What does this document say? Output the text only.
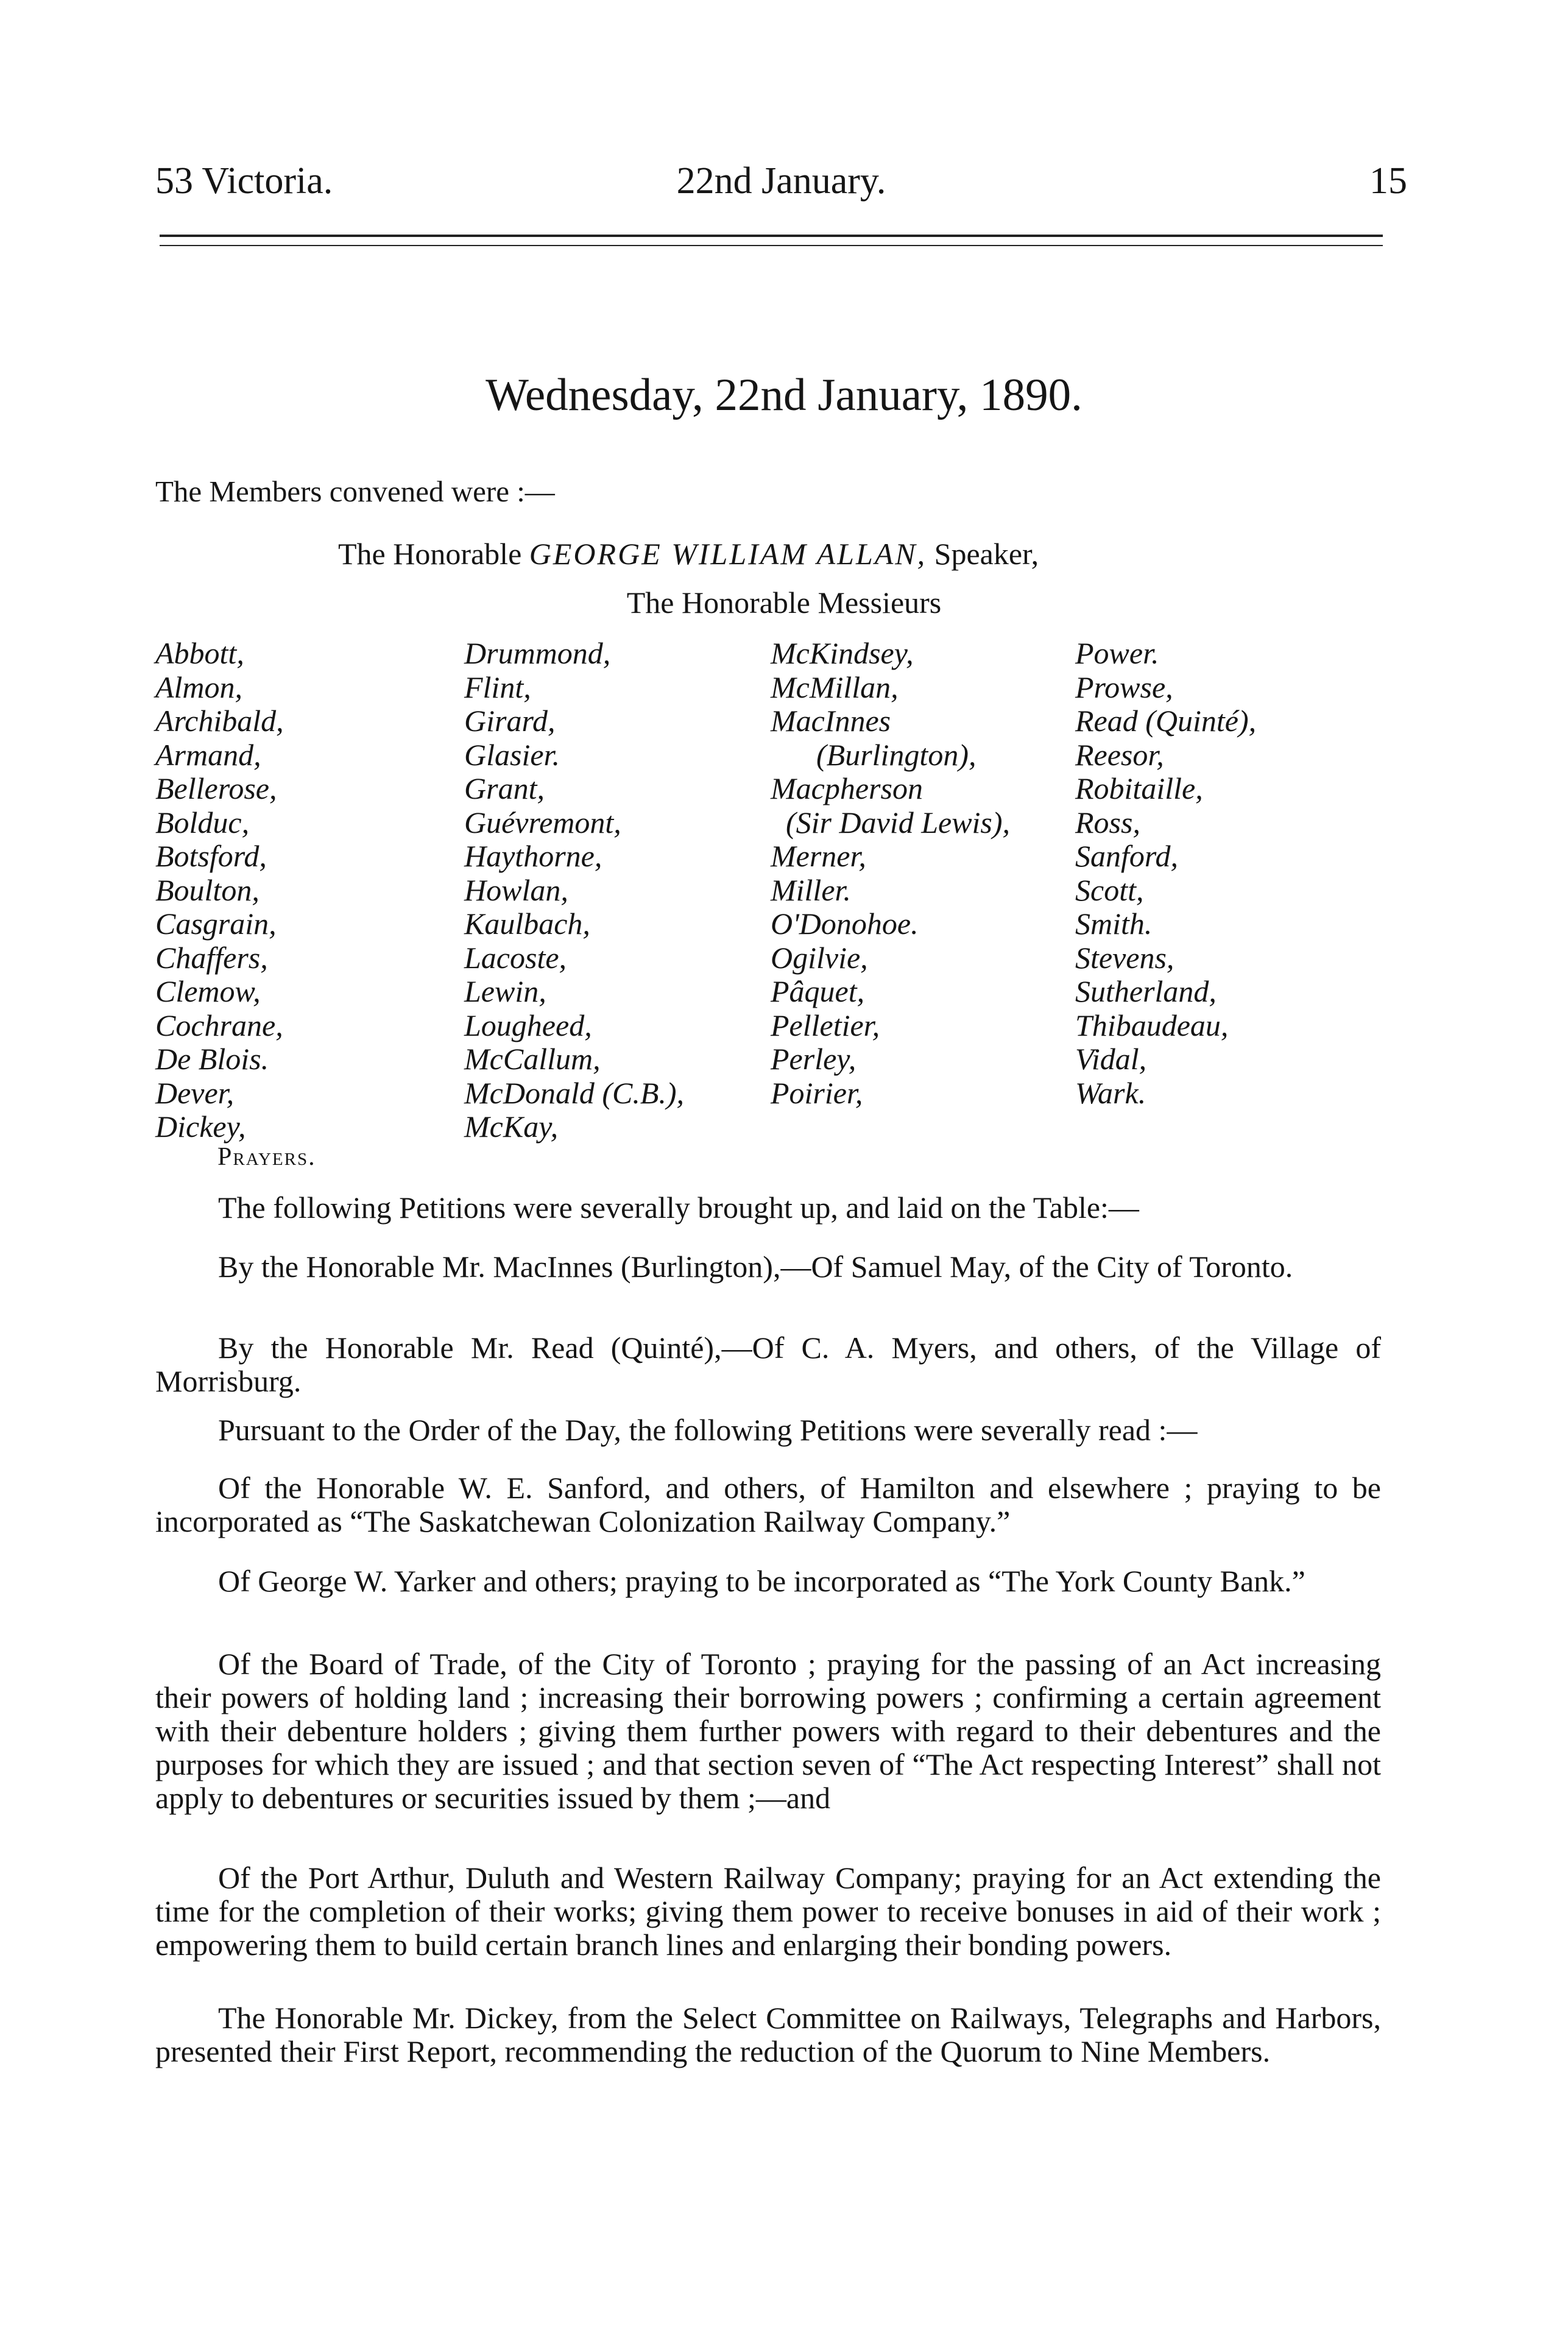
53 Victoria.	22nd January.	15
Wednesday, 22nd January, 1890.
The Members convened were :—
The Honorable GEORGE WILLIAM ALLAN, Speaker,
The Honorable Messieurs
Abbott,
Almon,
Archibald,
Armand,
Bellerose,
Bolduc,
Botsford,
Boulton,
Casgrain,
Chaffers,
Clemow,
Cochrane,
De Blois.
Dever,
Dickey,
Drummond,
Flint,
Girard,
Glasier.
Grant,
Guévremont,
Haythorne,
Howlan,
Kaulbach,
Lacoste,
Lewin,
Lougheed,
McCallum,
McDonald (C.B.),
McKay,
McKindsey,
McMillan,
MacInnes
(Burlington),
Macpherson
(Sir David Lewis),
Merner,
Miller.
O'Donohoe.
Ogilvie,
Pâquet,
Pelletier,
Perley,
Poirier,
Power.
Prowse,
Read (Quinté),
Reesor,
Robitaille,
Ross,
Sanford,
Scott,
Smith.
Stevens,
Sutherland,
Thibaudeau,
Vidal,
Wark.
Prayers.

The following Petitions were severally brought up, and laid on the Table:—

By the Honorable Mr. MacInnes (Burlington),—Of Samuel May, of the City of Toronto.

By the Honorable Mr. Read (Quinté),—Of C. A. Myers, and others, of the Village of Morrisburg.

Pursuant to the Order of the Day, the following Petitions were severally read :—

Of the Honorable W. E. Sanford, and others, of Hamilton and elsewhere ; praying to be incorporated as “The Saskatchewan Colonization Railway Company.”

Of George W. Yarker and others; praying to be incorporated as “The York County Bank.”

Of the Board of Trade, of the City of Toronto ; praying for the passing of an Act increasing their powers of holding land ; increasing their borrowing powers ; confirming a certain agreement with their debenture holders ; giving them further powers with regard to their debentures and the purposes for which they are issued ; and that section seven of “The Act respecting Interest” shall not apply to debentures or securities issued by them ;—and

Of the Port Arthur, Duluth and Western Railway Company; praying for an Act extending the time for the completion of their works; giving them power to receive bonuses in aid of their work ; empowering them to build certain branch lines and enlarging their bonding powers.

The Honorable Mr. Dickey, from the Select Committee on Railways, Telegraphs and Harbors, presented their First Report, recommending the reduction of the Quorum to Nine Members.
